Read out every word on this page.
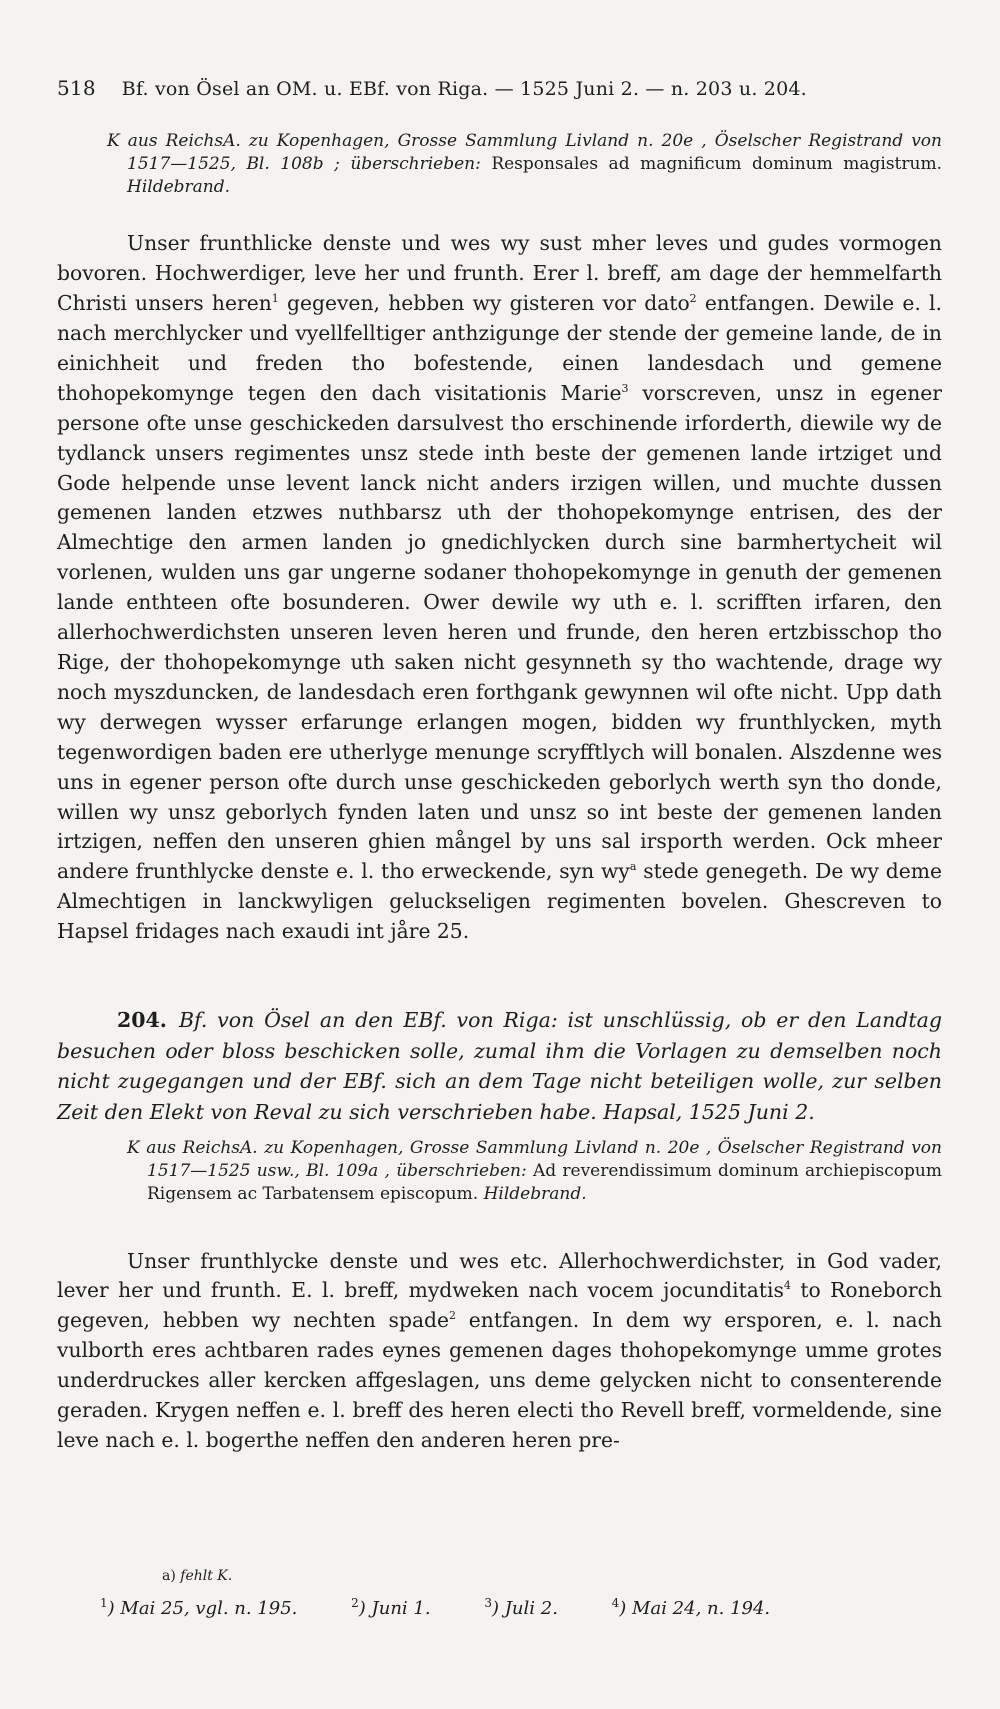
518 Bf. von Ösel an OM. u. EBf. von Riga. — 1525 Juni 2. — n. 203 u. 204.

K aus ReichsA. zu Kopenhagen, Grosse Sammlung Livland n. 20e , Öselscher Registrand von 1517—1525, Bl. 108b ; überschrieben: Responsales ad magnificum dominum magistrum. Hildebrand.

Unser frunthlicke denste und wes wy sust mher leves und gudes vormogen bovoren. Hochwerdiger, leve her und frunth. Erer l. breff, am dage der hemmelfarth Christi unsers heren$^1$ gegeven, hebben wy gisteren vor dato$^2$ entfangen. Dewile e. l. nach merchlycker und vyellfelltiger anthzigunge der stende der gemeine lande, de in einichheit und freden tho bofestende, einen landesdach und gemene thohopekomynge tegen den dach visitationis Marie$^3$ vorscreven, unsz in egener persone ofte unse geschickeden darsulvest tho erschinende irforderth, diewile wy de tydlanck unsers regimentes unsz stede inth beste der gemenen lande irtziget und Gode helpende unse levent lanck nicht anders irzigen willen, und muchte dussen gemenen landen etzwes nuthbarsz uth der thohopekomynge entrisen, des der Almechtige den armen landen jo gnedichlycken durch sine barmhertycheit wil vorlenen, wulden uns gar ungerne sodaner thohopekomynge in genuth der gemenen lande enthteen ofte bosunderen. Ower dewile wy uth e. l. scrifften irfaren, den allerhochwerdichsten unseren leven heren und frunde, den heren ertzbisschop tho Rige, der thohopekomynge uth saken nicht gesynneth sy tho wachtende, drage wy noch myszduncken, de landesdach eren forthgank gewynnen wil ofte nicht. Upp dath wy derwegen wysser erfarunge erlangen mogen, bidden wy frunthlycken, myth tegenwordigen baden ere utherlyge menunge scryfftlych will bonalen. Alszdenne wes uns in egener person ofte durch unse geschickeden geborlych werth syn tho donde, willen wy unsz geborlych fynden laten und unsz so int beste der gemenen landen irtzigen, neffen den unseren ghien mångel by uns sal irsporth werden. Ock mheer andere frunthlycke denste e. l. tho erweckende, syn $wy^a$ stede genegeth. De wy deme Almechtigen in lanckwyligen geluckseligen regimenten bovelen. Ghescreven to Hapsel fridages nach exaudi int jåre 25.

204. Bf. von Ösel an den EBf. von Riga: ist unschlüssig, ob er den Landtag besuchen oder bloss beschicken solle, zumal ihm die Vorlagen zu demselben noch nicht zugegangen und der EBf. sich an dem Tage nicht beteiligen wolle, zur selben Zeit den Elekt von Reval zu sich verschrieben habe. Hapsal, 1525 Juni 2.

K aus ReichsA. zu Kopenhagen, Grosse Sammlung Livland n. 20e , Öselscher Registrand von 1517—1525 usw., Bl. 109a , überschrieben: Ad reverendissimum dominum archiepiscopum Rigensem ac Tarbatensem episcopum. Hildebrand.

Unser frunthlycke denste und wes etc. Allerhochwerdichster, in God vader, lever her und frunth. E. l. breff, mydweken nach vocem jocunditatis$^4$ to Roneborch gegeven, hebben wy nechten spade$^2$ entfangen. In dem wy ersporen, e. l. nach vulborth eres achtbaren rades eynes gemenen dages thohopekomynge umme grotes underdruckes aller kercken affgeslagen, uns deme gelycken nicht to consenterende geraden. Krygen neffen e. l. breff des heren electi tho Revell breff, vormeldende, sine leve nach e. l. bogerthe neffen den anderen heren pre-

a) fehlt K.

$^1$) Mai 25, vgl. n. 195.	$^2$) Juni 1.	$^3$) Juli 2.	$^4$) Mai 24, n. 194.
